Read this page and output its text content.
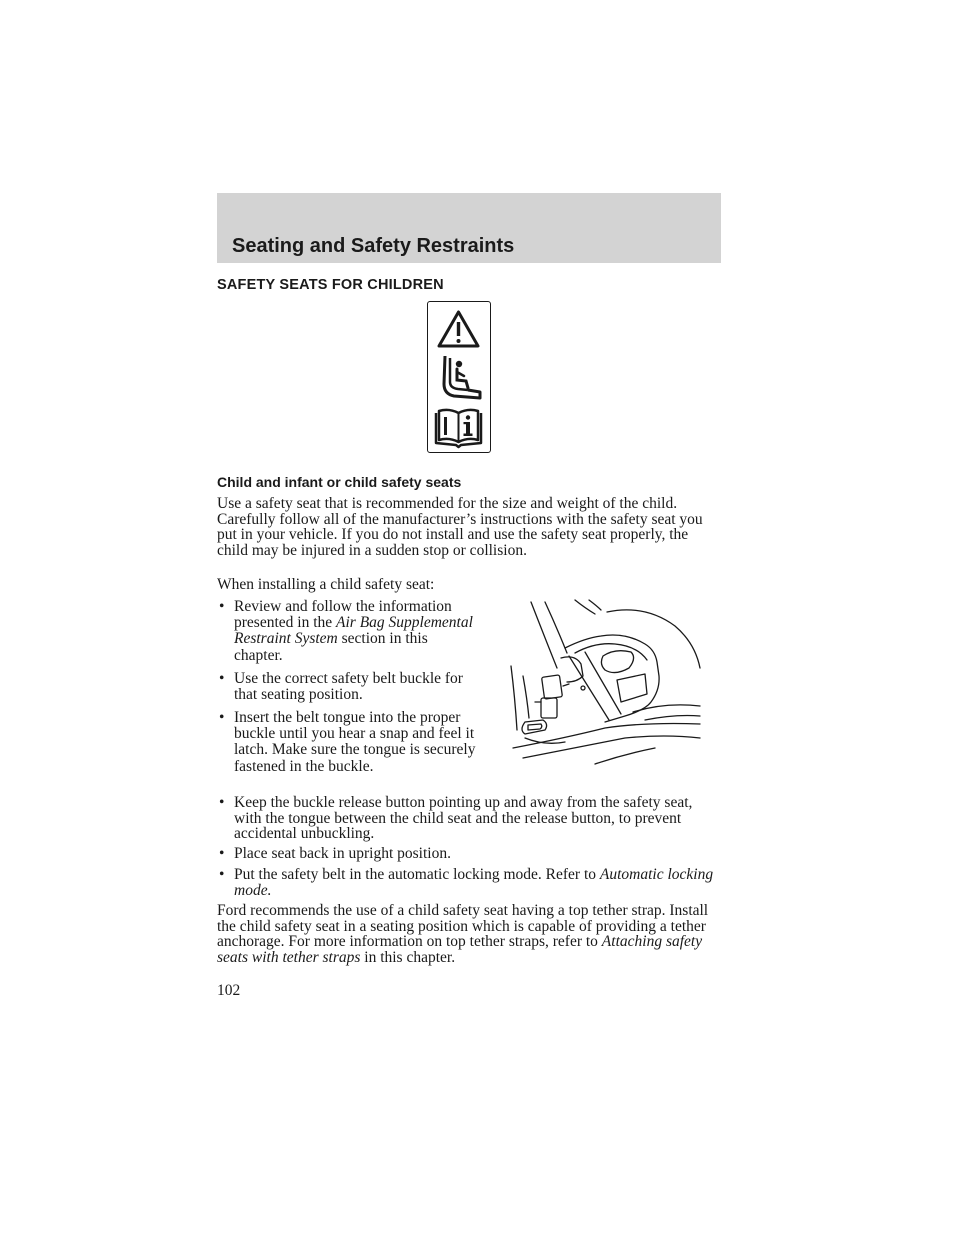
Seating and Safety Restraints
SAFETY SEATS FOR CHILDREN
Child and infant or child safety seats

Use a safety seat that is recommended for the size and weight of the child. Carefully follow all of the manufacturer’s instructions with the safety seat you put in your vehicle. If you do not install and use the safety seat properly, the child may be injured in a sudden stop or collision.

When installing a child safety seat:

• Review and follow the information presented in the Air Bag Supplemental Restraint System section in this chapter.

• Use the correct safety belt buckle for that seating position.

• Insert the belt tongue into the proper buckle until you hear a snap and feel it latch. Make sure the tongue is securely fastened in the buckle.

• Keep the buckle release button pointing up and away from the safety seat, with the tongue between the child seat and the release button, to prevent accidental unbuckling.

• Place seat back in upright position.

• Put the safety belt in the automatic locking mode. Refer to Automatic locking mode.

Ford recommends the use of a child safety seat having a top tether strap. Install the child safety seat in a seating position which is capable of providing a tether anchorage. For more information on top tether straps, refer to Attaching safety seats with tether straps in this chapter.

102
